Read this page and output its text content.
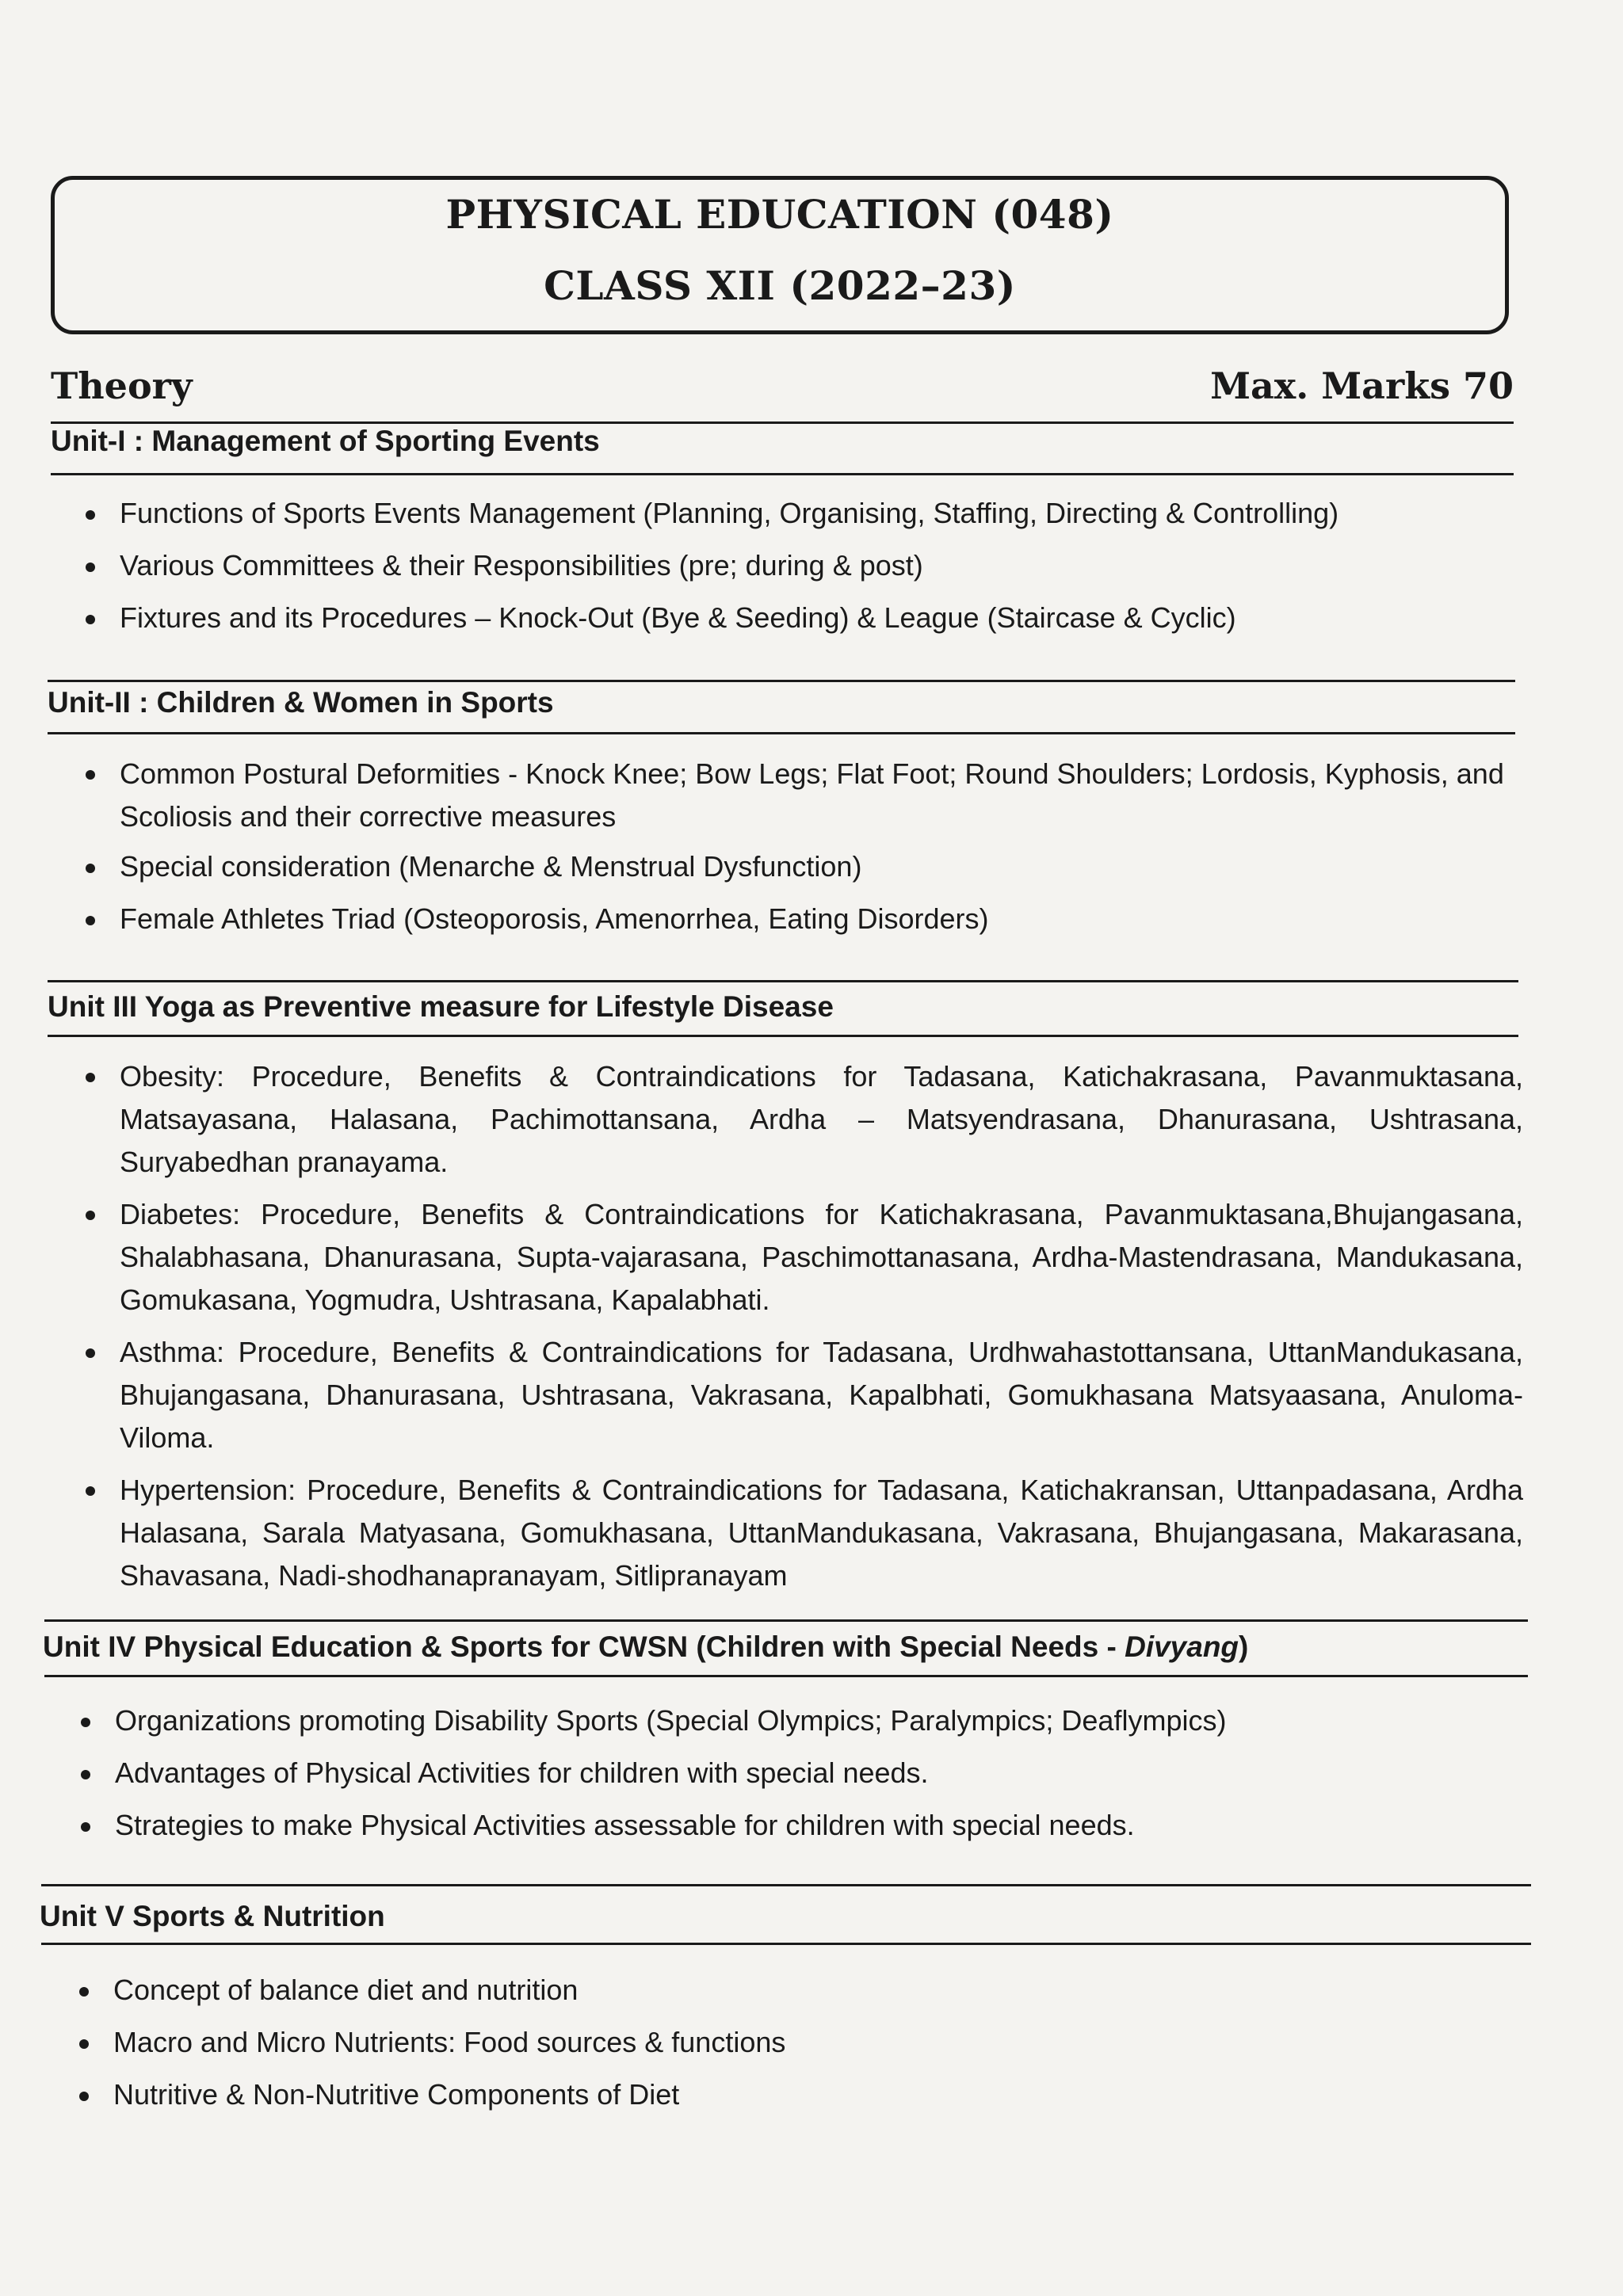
PHYSICAL EDUCATION (048)
CLASS XII (2022–23)
Theory	Max. Marks 70
Unit-I : Management of Sporting Events
Functions of Sports Events Management (Planning, Organising, Staffing, Directing & Controlling)
Various Committees & their Responsibilities (pre; during & post)
Fixtures and its Procedures – Knock-Out (Bye & Seeding) & League (Staircase & Cyclic)
Unit-II : Children & Women in Sports
Common Postural Deformities - Knock Knee; Bow Legs; Flat Foot; Round Shoulders; Lordosis, Kyphosis, and Scoliosis and their corrective measures
Special consideration (Menarche & Menstrual Dysfunction)
Female Athletes Triad (Osteoporosis, Amenorrhea, Eating Disorders)
Unit III Yoga as Preventive measure for Lifestyle Disease
Obesity: Procedure, Benefits & Contraindications for Tadasana, Katichakrasana, Pavanmuktasana, Matsayasana, Halasana, Pachimottansana, Ardha – Matsyendrasana, Dhanurasana, Ushtrasana, Suryabedhan pranayama.
Diabetes: Procedure, Benefits & Contraindications for Katichakrasana, Pavanmuktasana,Bhujangasana, Shalabhasana, Dhanurasana, Supta-vajarasana, Paschimottanasana, Ardha-Mastendrasana, Mandukasana, Gomukasana, Yogmudra, Ushtrasana, Kapalabhati.
Asthma: Procedure, Benefits & Contraindications for Tadasana, Urdhwahastottansana, UttanMandukasana, Bhujangasana, Dhanurasana, Ushtrasana, Vakrasana, Kapalbhati, Gomukhasana Matsyaasana, Anuloma-Viloma.
Hypertension: Procedure, Benefits & Contraindications for Tadasana, Katichakransan, Uttanpadasana, Ardha Halasana, Sarala Matyasana, Gomukhasana, UttanMandukasana, Vakrasana, Bhujangasana, Makarasana, Shavasana, Nadi-shodhanapranayam, Sitlipranayam
Unit IV Physical Education & Sports for CWSN (Children with Special Needs - Divyang)
Organizations promoting Disability Sports (Special Olympics; Paralympics; Deaflympics)
Advantages of Physical Activities for children with special needs.
Strategies to make Physical Activities assessable for children with special needs.
Unit V Sports & Nutrition
Concept of balance diet and nutrition
Macro and Micro Nutrients: Food sources & functions
Nutritive & Non-Nutritive Components of Diet
